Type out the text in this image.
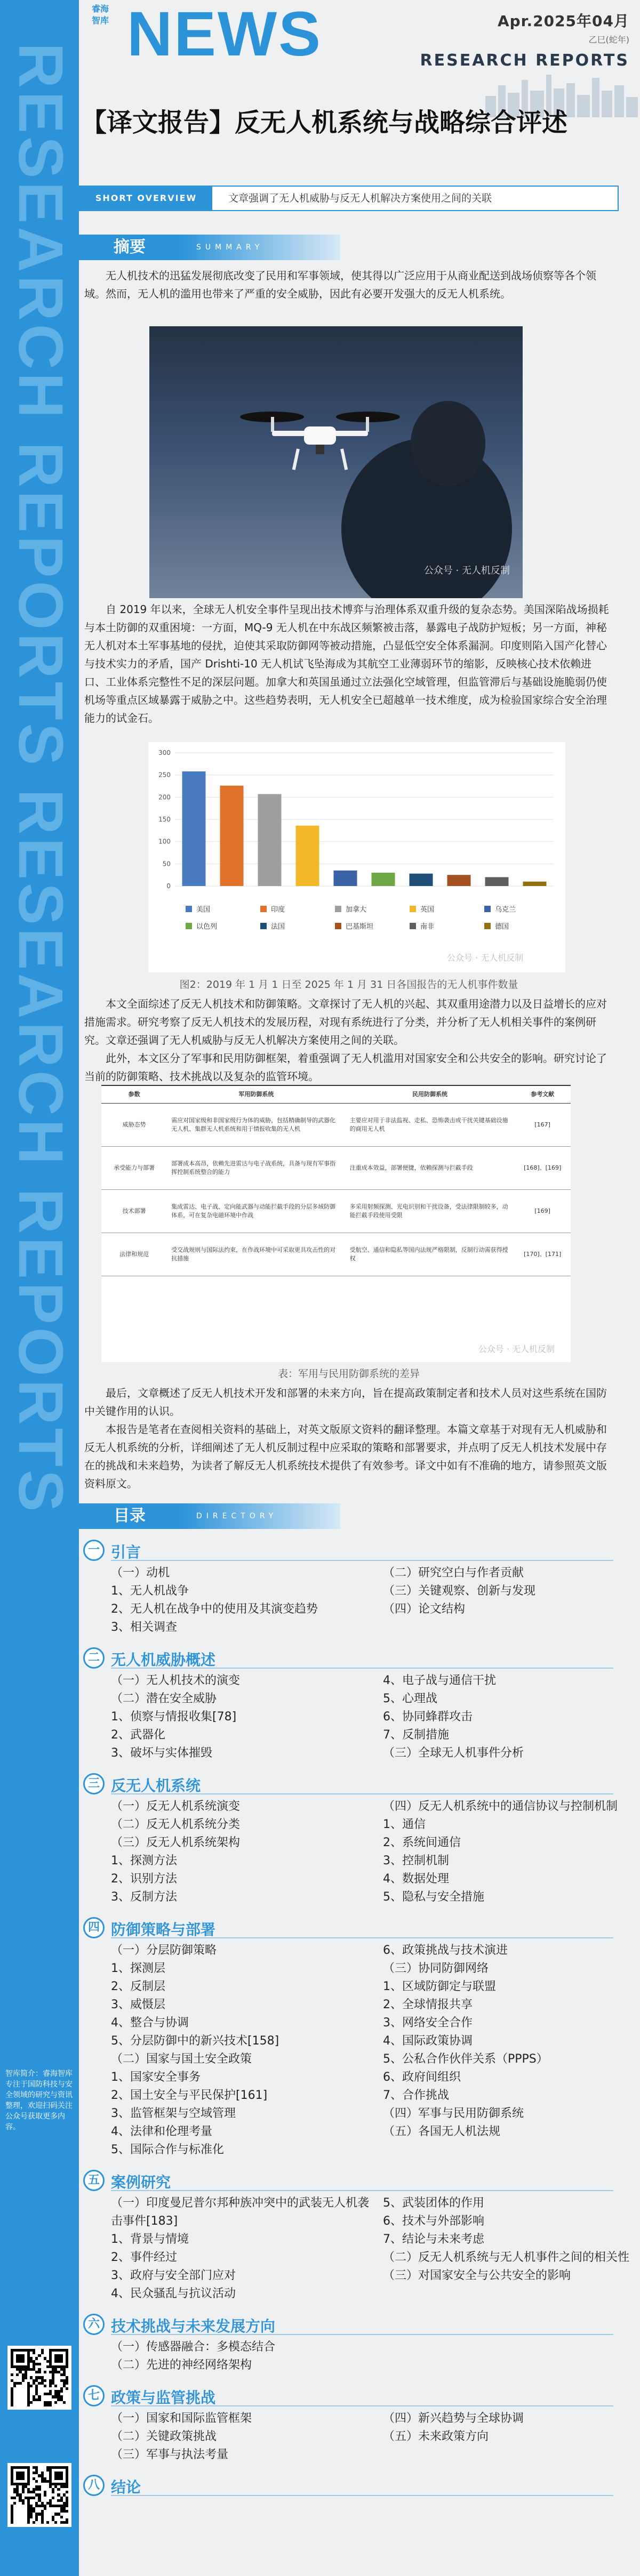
RESEARCH REPORTS RESEARCH REPORTS
智库简介：睿海智库专注于国防科技与安全领域的研究与资讯整理，欢迎扫码关注公众号获取更多内容。
睿海
智库 NEWS	Apr.2025年04月
乙巳(蛇年)
RESEARCH REPORTS
【译文报告】反无人机系统与战略综合评述
SHORT OVERVIEW	文章强调了无人机威胁与反无人机解决方案使用之间的关联
摘要	SUMMARY
无人机技术的迅猛发展彻底改变了民用和军事领域，使其得以广泛应用于从商业配送到战场侦察等各个领域。然而，无人机的滥用也带来了严重的安全威胁，因此有必要开发强大的反无人机系统。
公众号 · 无人机反制
自 2019 年以来，全球无人机安全事件呈现出技术博弈与治理体系双重升级的复杂态势。美国深陷战场损耗与本土防御的双重困境：一方面，MQ-9 无人机在中东战区频繁被击落，暴露电子战防护短板；另一方面，神秘无人机对本土军事基地的侵扰，迫使其采取防御网等被动措施，凸显低空安全体系漏洞。印度则陷入国产化替心与技术实力的矛盾，国产 Drishti-10 无人机试飞坠海成为其航空工业薄弱环节的缩影，反映核心技术依赖进口、工业体系完整性不足的深层问题。加拿大和英国虽通过立法强化空域管理，但监管滞后与基础设施脆弱仍使机场等重点区域暴露于威胁之中。这些趋势表明，无人机安全已超越单一技术维度，成为检验国家综合安全治理能力的试金石。
0
50
100
150
200
250
300
美国	印度	加拿大	英国	乌克兰
以色列	法国	巴基斯坦	南非	德国
公众号 · 无人机反制
图2：2019 年 1 月 1 日至 2025 年 1 月 31 日各国报告的无人机事件数量
本文全面综述了反无人机技术和防御策略。文章探讨了无人机的兴起、其双重用途潜力以及日益增长的应对措施需求。研究考察了反无人机技术的发展历程，对现有系统进行了分类，并分析了无人机相关事件的案例研究。文章还强调了无人机威胁与反无人机解决方案使用之间的关联。
此外，本文区分了军事和民用防御框架，着重强调了无人机滥用对国家安全和公共安全的影响。研究讨论了当前的防御策略、技术挑战以及复杂的监管环境。
参数	军用防御系统	民用防御系统	参考文献
威胁态势	需应对国家级和非国家级行为体的威胁，包括精确制导的武器化无人机、集群无人机系统和用于情报收集的无人机	主要应对用于非法监视、走私、恐怖袭击或干扰关键基础设施的商用无人机	[167]
承受能力与部署	部署成本高昂，依赖先进雷达与电子战系统，具备与现有军事指挥控制系统整合的能力	注重成本效益，部署便捷，依赖探测与拦截手段	[168]、[169]
技术部署	集成雷达、电子战、定向能武器与动能拦截手段的分层多域防御体系，可在复杂电磁环境中作战	多采用射频探测、光电识别和干扰设备，受法律限制较多，动能拦截手段使用受限	[169]
法律和规范	受交战规则与国际法约束，在作战环境中可采取更具攻击性的对抗措施	受航空、通信和隐私等国内法规严格限制，反制行动需获得授权	[170]、[171]
公众号 · 无人机反制
表：军用与民用防御系统的差异
最后，文章概述了反无人机技术开发和部署的未来方向，旨在提高政策制定者和技术人员对这些系统在国防中关键作用的认识。
本报告是笔者在查阅相关资料的基础上，对英文版原文资料的翻译整理。本篇文章基于对现有无人机威胁和反无人机系统的分析，详细阐述了无人机反制过程中应采取的策略和部署要求，并点明了反无人机技术发展中存在的挑战和未来趋势，为读者了解反无人机系统技术提供了有效参考。译文中如有不准确的地方，请参照英文版资料原文。
目录	DIRECTORY
一 引言
（一）动机
1、无人机战争
2、无人机在战争中的使用及其演变趋势
3、相关调查
（二）研究空白与作者贡献
（三）关键观察、创新与发现
（四）论文结构
二 无人机威胁概述
（一）无人机技术的演变
（二）潜在安全威胁
1、侦察与情报收集[78]
2、武器化
3、破坏与实体摧毁
4、电子战与通信干扰
5、心理战
6、协同蜂群攻击
7、反制措施
（三）全球无人机事件分析
三 反无人机系统
（一）反无人机系统演变
（二）反无人机系统分类
（三）反无人机系统架构
1、探测方法
2、识别方法
3、反制方法
（四）反无人机系统中的通信协议与控制机制
1、通信
2、系统间通信
3、控制机制
4、数据处理
5、隐私与安全措施
四 防御策略与部署
（一）分层防御策略
1、探测层
2、反制层
3、威慑层
4、整合与协调
5、分层防御中的新兴技术[158]
（二）国家与国土安全政策
1、国家安全事务
2、国土安全与平民保护[161]
3、监管框架与空域管理
4、法律和伦理考量
5、国际合作与标准化
6、政策挑战与技术演进
（三）协同防御网络
1、区域防御定与联盟
2、全球情报共享
3、网络安全合作
4、国际政策协调
5、公私合作伙伴关系（PPPS）
6、政府间组织
7、合作挑战
（四）军事与民用防御系统
（五）各国无人机法规
五 案例研究
（一）印度曼尼普尔邦种族冲突中的武装无人机袭击事件[183]
1、背景与情境
2、事件经过
3、政府与安全部门应对
4、民众骚乱与抗议活动
5、武装团体的作用
6、技术与外部影响
7、结论与未来考虑
（二）反无人机系统与无人机事件之间的相关性
（三）对国家安全与公共安全的影响
六 技术挑战与未来发展方向
（一）传感器融合：多模态结合
（二）先进的神经网络架构
七 政策与监管挑战
（一）国家和国际监管框架
（二）关键政策挑战
（三）军事与执法考量
（四）新兴趋势与全球协调
（五）未来政策方向
八 结论
